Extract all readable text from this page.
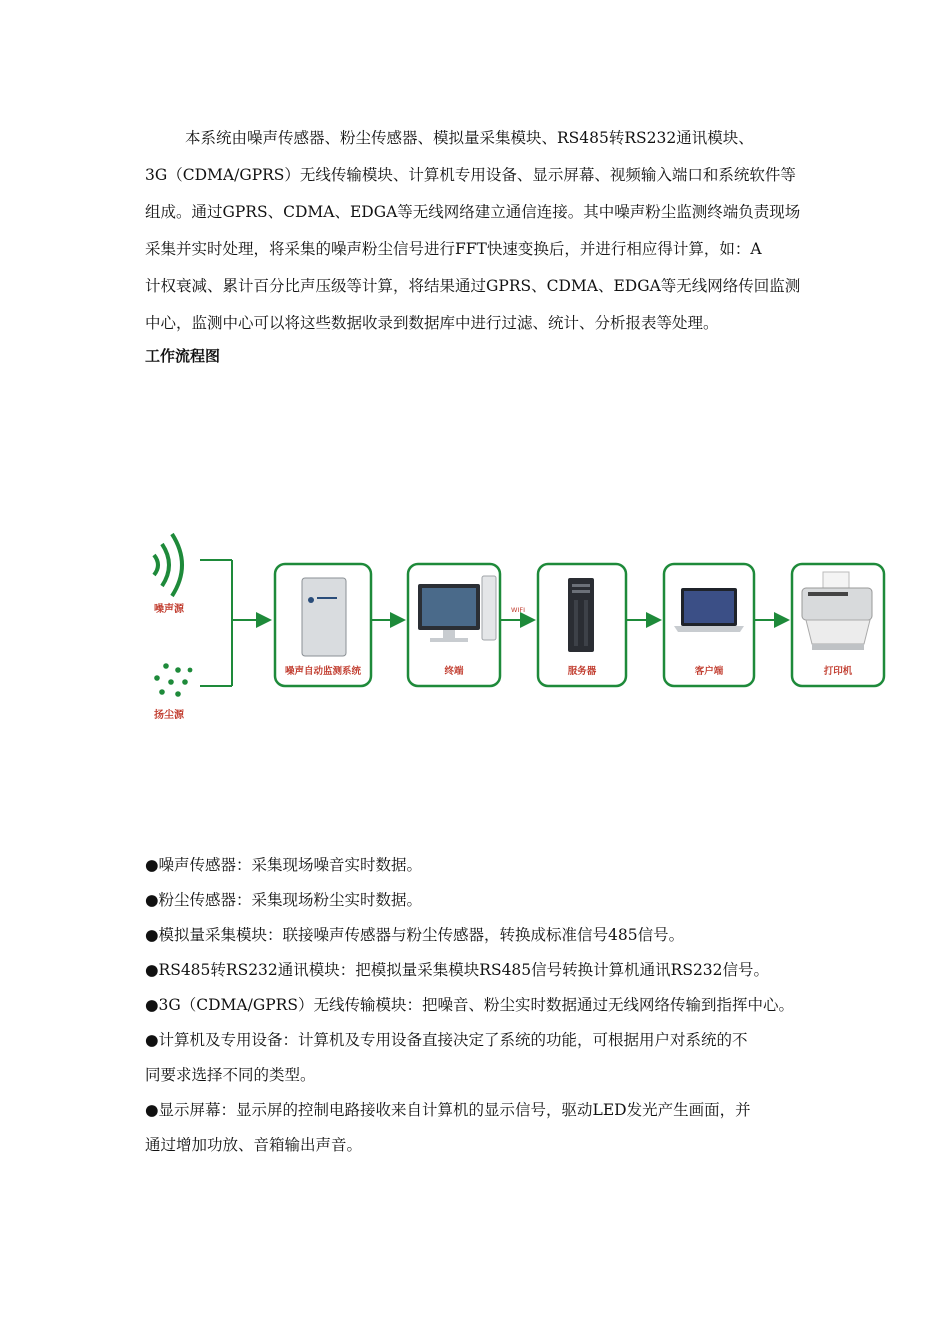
本系统由噪声传感器、粉尘传感器、模拟量采集模块、RS485转RS232通讯模块、
3G（CDMA/GPRS）无线传输模块、计算机专用设备、显示屏幕、视频输入端口和系统软件等
组成。通过GPRS、CDMA、EDGA等无线网络建立通信连接。其中噪声粉尘监测终端负责现场
采集并实时处理，将采集的噪声粉尘信号进行FFT快速变换后，并进行相应得计算，如：A
计权衰减、累计百分比声压级等计算，将结果通过GPRS、CDMA、EDGA等无线网络传回监测
中心，监测中心可以将这些数据收录到数据库中进行过滤、统计、分析报表等处理。
工作流程图
噪声源
扬尘源
噪声自动监测系统	终端
WIFI
服务器	客户端	打印机
●噪声传感器：采集现场噪音实时数据。
●粉尘传感器：采集现场粉尘实时数据。
●模拟量采集模块：联接噪声传感器与粉尘传感器，转换成标准信号485信号。
●RS485转RS232通讯模块：把模拟量采集模块RS485信号转换计算机通讯RS232信号。
●3G（CDMA/GPRS）无线传输模块：把噪音、粉尘实时数据通过无线网络传输到指挥中心。
●计算机及专用设备：计算机及专用设备直接决定了系统的功能，可根据用户对系统的不
同要求选择不同的类型。
●显示屏幕：显示屏的控制电路接收来自计算机的显示信号，驱动LED发光产生画面，并
通过增加功放、音箱输出声音。
